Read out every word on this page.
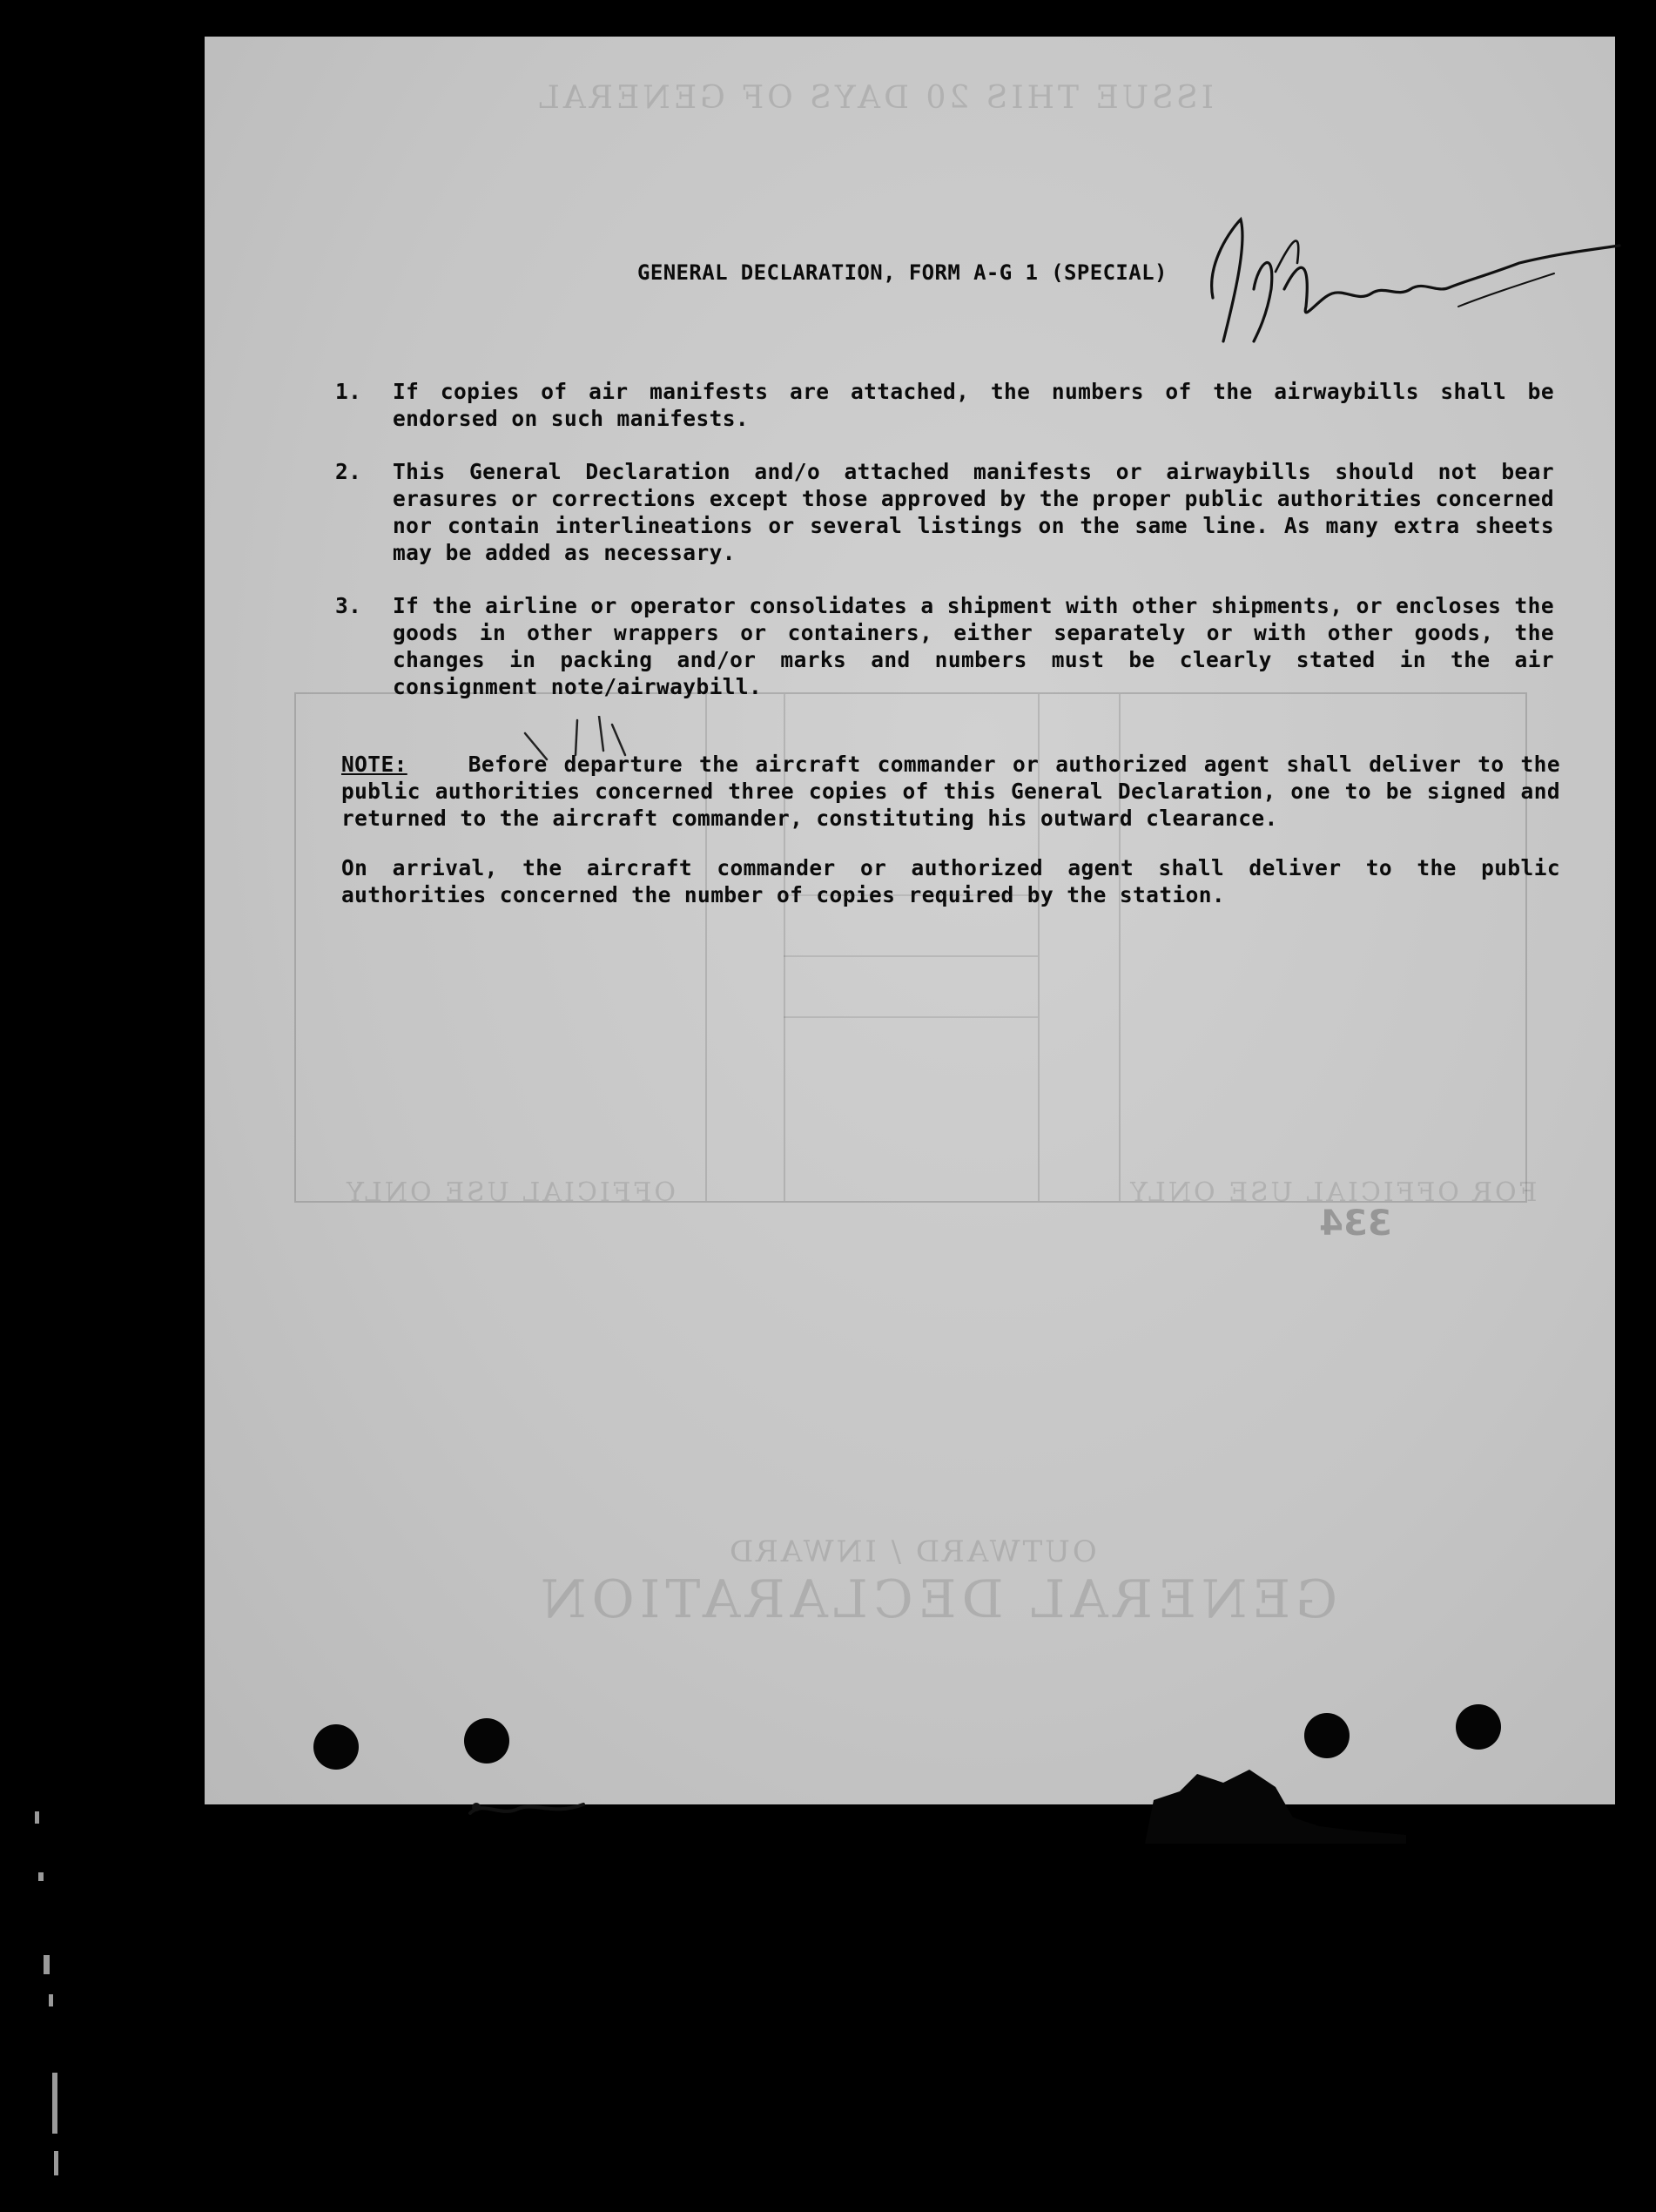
ISSUE THIS 20 DAYS OF GENERAL
GENERAL DECLARATION
OUTWARD / INWARD
OFFICIAL USE ONLY	FOR OFFICIAL USE ONLY
334
GENERAL DECLARATION, FORM A-G 1 (SPECIAL)
1.	If copies of air manifests are attached, the numbers of the airwaybills shall be endorsed on such manifests.
2.	This General Declaration and/o attached manifests or airwaybills should not bear erasures or corrections except those approved by the proper public authorities concerned nor contain interlineations or several listings on the same line. As many extra sheets may be added as necessary.
3.	If the airline or operator consolidates a shipment with other shipments, or encloses the goods in other wrappers or containers, either separately or with other goods, the changes in packing and/or marks and numbers must be clearly stated in the air consignment note/airwaybill.

NOTE:	Before departure the aircraft commander or authorized agent shall deliver to the public authorities concerned three copies of this General Declaration, one to be signed and returned to the aircraft commander, constituting his outward clearance.

On arrival, the aircraft commander or authorized agent shall deliver to the public authorities concerned the number of copies required by the station.
